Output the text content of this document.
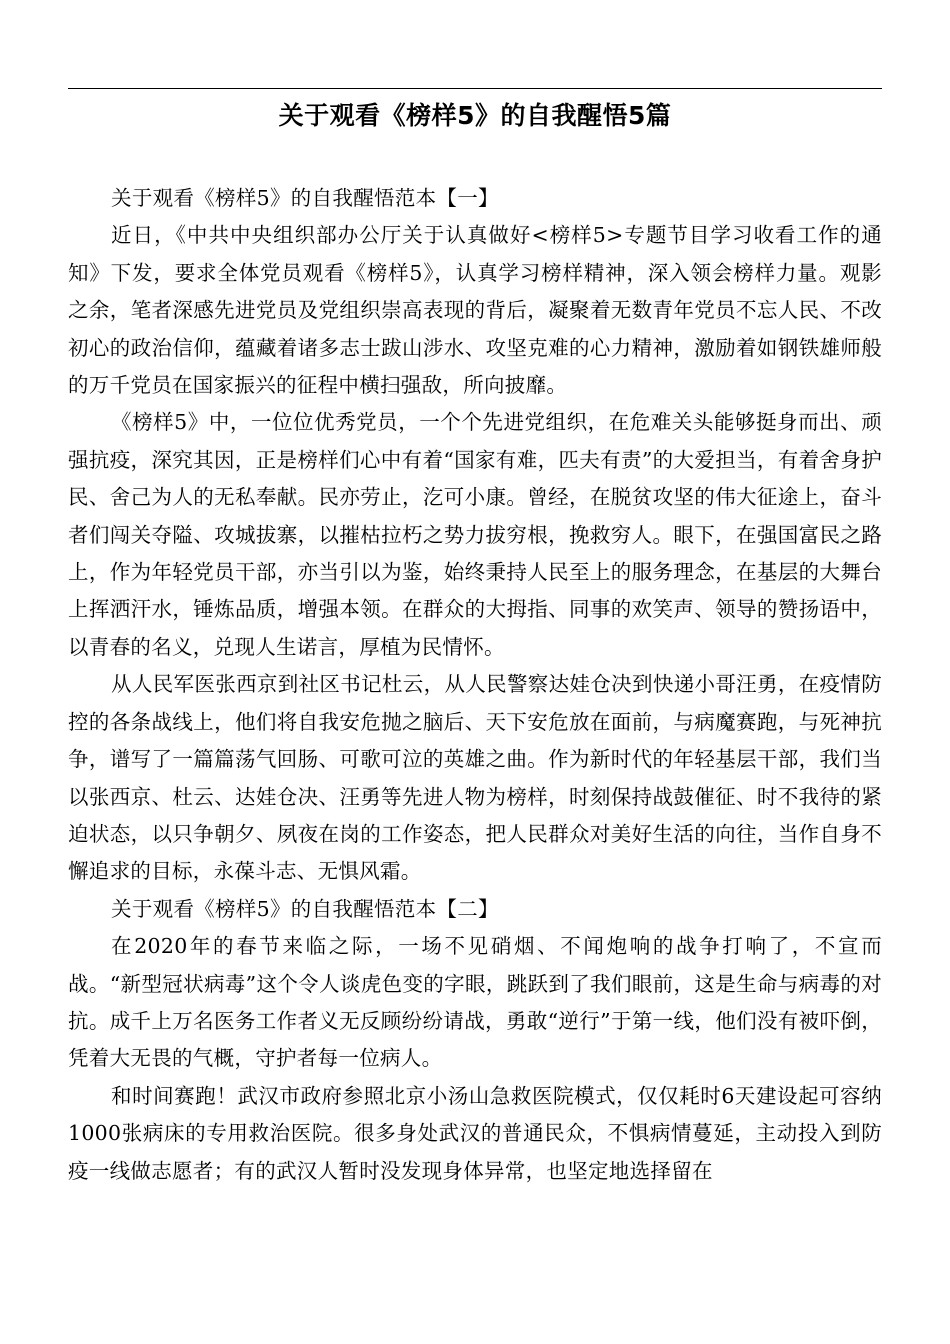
关于观看《榜样5》的自我醒悟5篇

关于观看《榜样5》的自我醒悟范本【一】

近日，《中共中央组织部办公厅关于认真做好<榜样5>专题节目学习收看工作的通知》下发，要求全体党员观看《榜样5》，认真学习榜样精神，深入领会榜样力量。观影之余，笔者深感先进党员及党组织崇高表现的背后，凝聚着无数青年党员不忘人民、不改初心的政治信仰，蕴藏着诸多志士跋山涉水、攻坚克难的心力精神，激励着如钢铁雄师般的万千党员在国家振兴的征程中横扫强敌，所向披靡。

《榜样5》中，一位位优秀党员，一个个先进党组织，在危难关头能够挺身而出、顽强抗疫，深究其因，正是榜样们心中有着“国家有难，匹夫有责”的大爱担当，有着舍身护民、舍己为人的无私奉献。民亦劳止，汔可小康。曾经，在脱贫攻坚的伟大征途上，奋斗者们闯关夺隘、攻城拔寨，以摧枯拉朽之势力拔穷根，挽救穷人。眼下，在强国富民之路上，作为年轻党员干部，亦当引以为鉴，始终秉持人民至上的服务理念，在基层的大舞台上挥洒汗水，锤炼品质，增强本领。在群众的大拇指、同事的欢笑声、领导的赞扬语中，以青春的名义，兑现人生诺言，厚植为民情怀。

从人民军医张西京到社区书记杜云，从人民警察达娃仓决到快递小哥汪勇，在疫情防控的各条战线上，他们将自我安危抛之脑后、天下安危放在面前，与病魔赛跑，与死神抗争，谱写了一篇篇荡气回肠、可歌可泣的英雄之曲。作为新时代的年轻基层干部，我们当以张西京、杜云、达娃仓决、汪勇等先进人物为榜样，时刻保持战鼓催征、时不我待的紧迫状态，以只争朝夕、夙夜在岗的工作姿态，把人民群众对美好生活的向往，当作自身不懈追求的目标，永葆斗志、无惧风霜。

关于观看《榜样5》的自我醒悟范本【二】

在2020年的春节来临之际，一场不见硝烟、不闻炮响的战争打响了，不宣而战。“新型冠状病毒”这个令人谈虎色变的字眼，跳跃到了我们眼前，这是生命与病毒的对抗。成千上万名医务工作者义无反顾纷纷请战，勇敢“逆行”于第一线，他们没有被吓倒，凭着大无畏的气概，守护者每一位病人。

和时间赛跑！武汉市政府参照北京小汤山急救医院模式，仅仅耗时6天建设起可容纳1000张病床的专用救治医院。很多身处武汉的普通民众，不惧病情蔓延，主动投入到防疫一线做志愿者；有的武汉人暂时没发现身体异常，也坚定地选择留在
